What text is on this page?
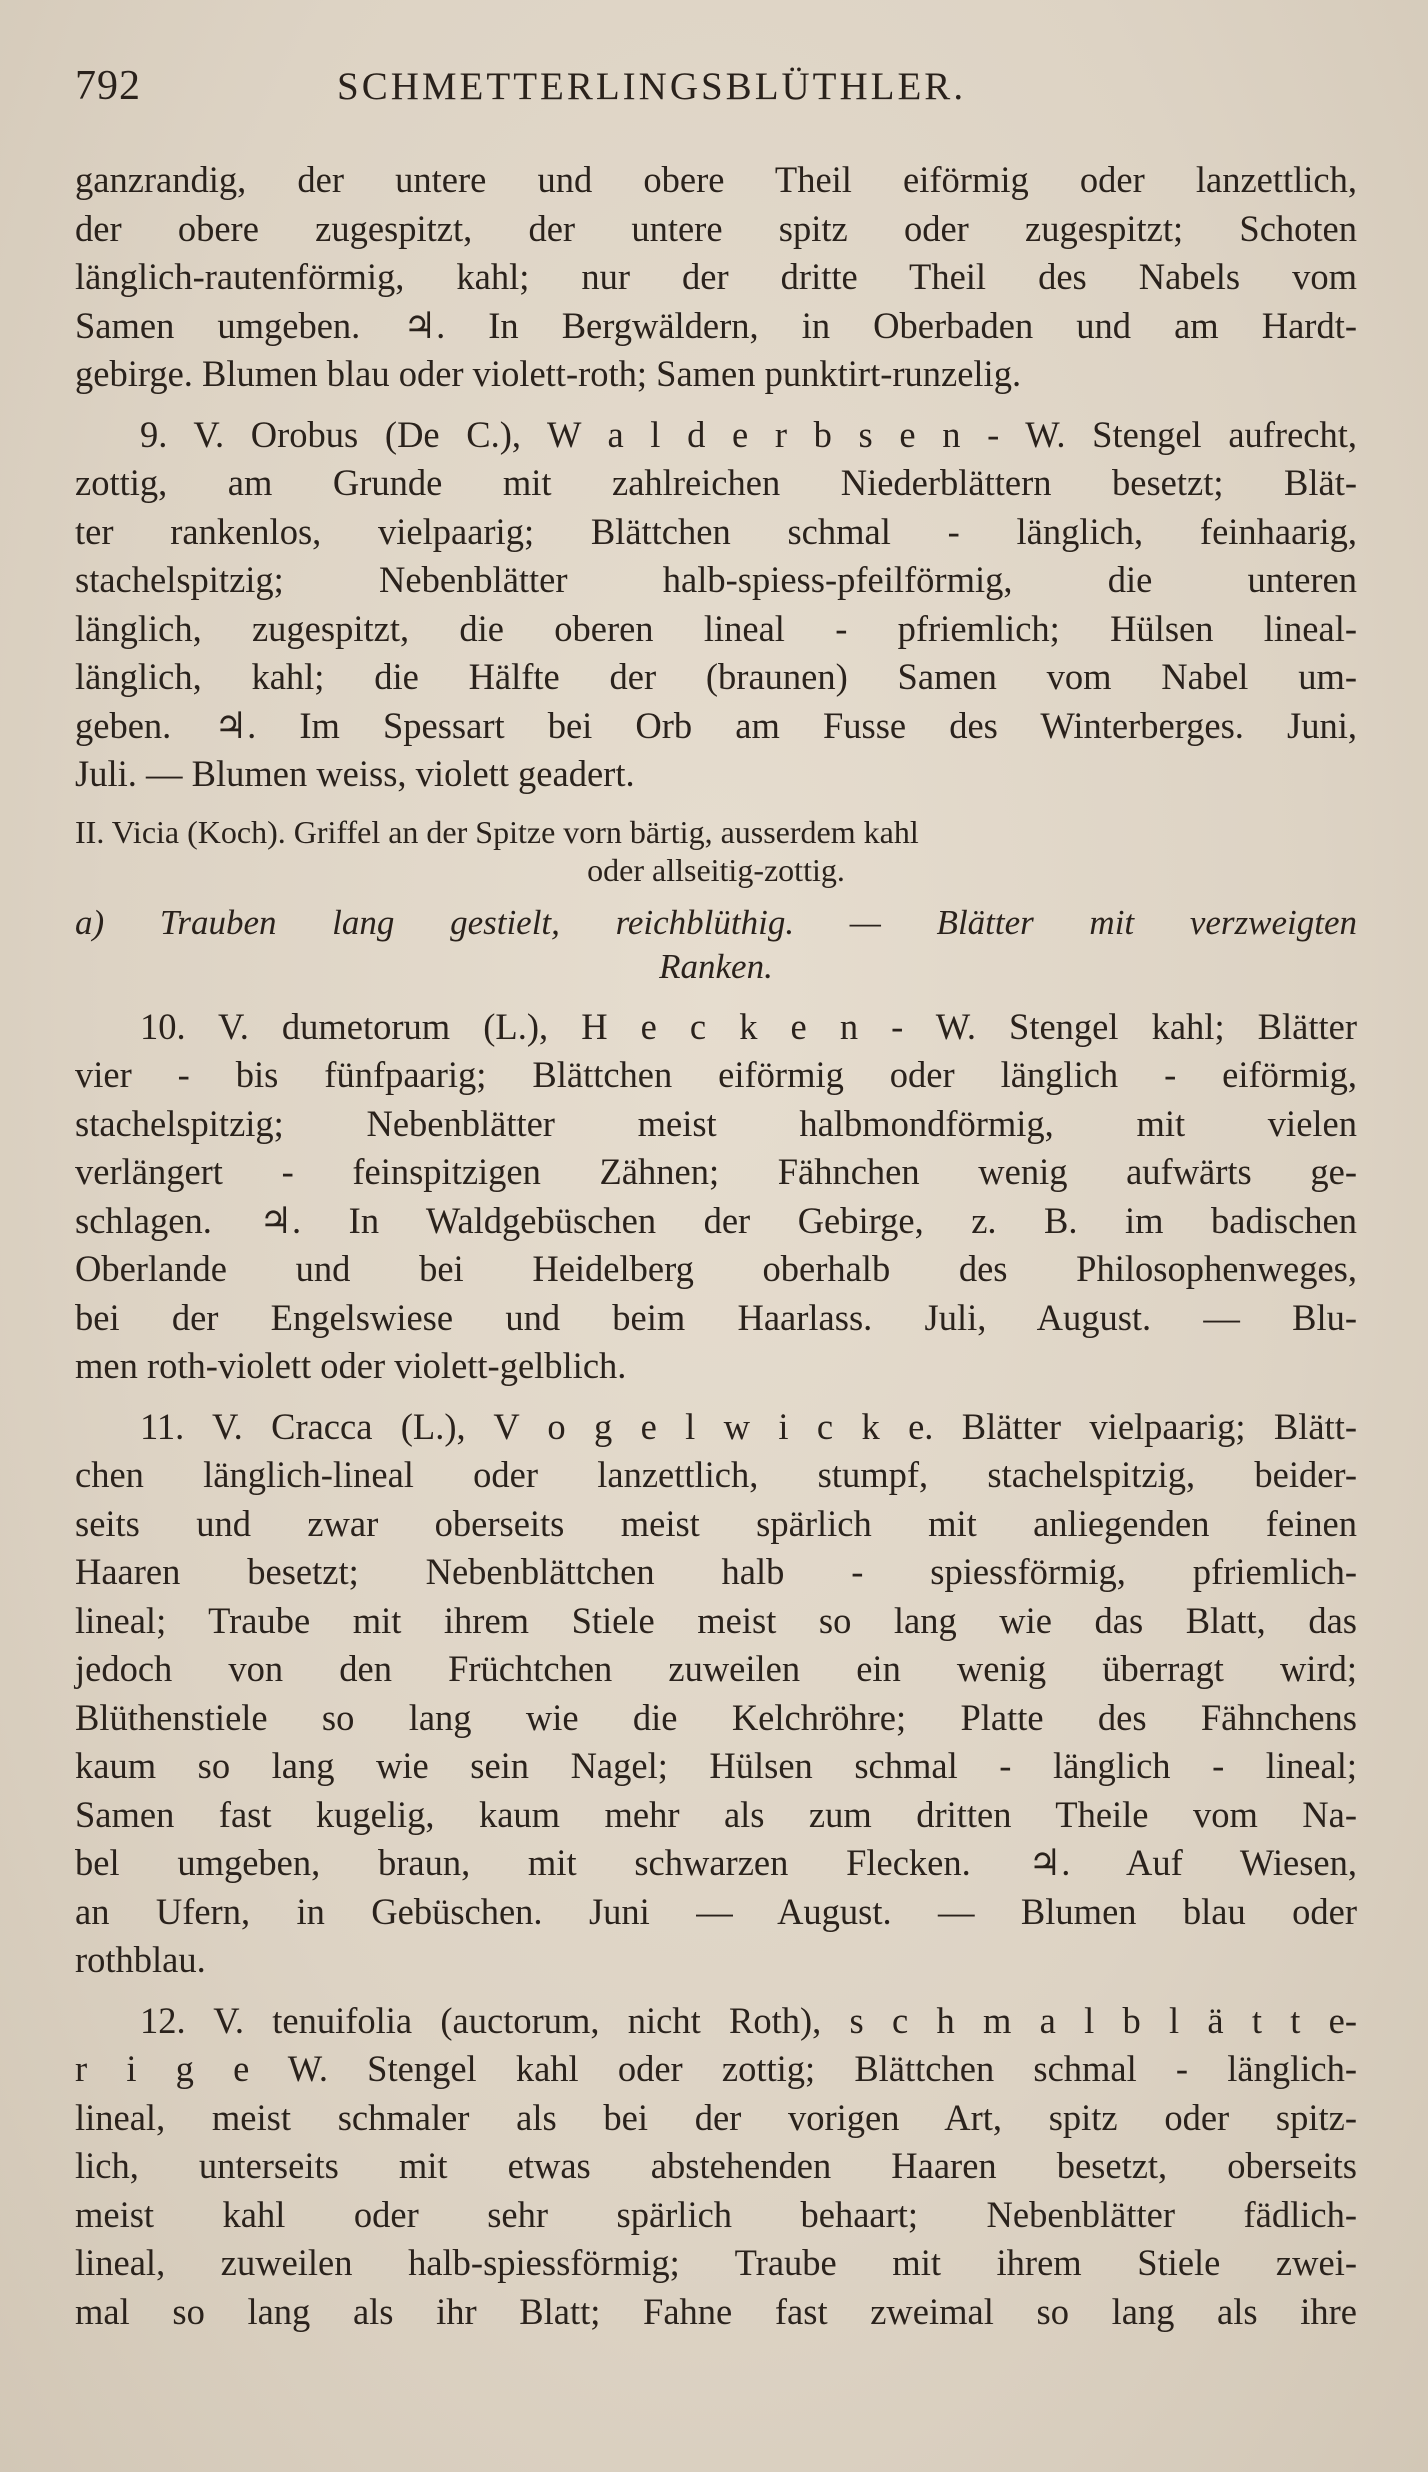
792	SCHMETTERLINGSBLÜTHLER.
ganzrandig, der untere und obere Theil eiförmig oder lanzettlich,
der obere zugespitzt, der untere spitz oder zugespitzt; Schoten
länglich-rautenförmig, kahl; nur der dritte Theil des Nabels vom
Samen umgeben. ♃. In Bergwäldern, in Oberbaden und am Hardt-
gebirge. Blumen blau oder violett-roth; Samen punktirt-runzelig.
9. V. Orobus (De C.), W a l d e r b s e n - W. Stengel aufrecht,
zottig, am Grunde mit zahlreichen Niederblättern besetzt; Blät-
ter rankenlos, vielpaarig; Blättchen schmal - länglich, feinhaarig,
stachelspitzig; Nebenblätter halb-spiess-pfeilförmig, die unteren
länglich, zugespitzt, die oberen lineal - pfriemlich; Hülsen lineal-
länglich, kahl; die Hälfte der (braunen) Samen vom Nabel um-
geben. ♃. Im Spessart bei Orb am Fusse des Winterberges. Juni,
Juli. — Blumen weiss, violett geadert.
II. Vicia (Koch). Griffel an der Spitze vorn bärtig, ausserdem kahl
oder allseitig-zottig.
a) Trauben lang gestielt, reichblüthig. — Blätter mit verzweigten
Ranken.
10. V. dumetorum (L.), H e c k e n - W. Stengel kahl; Blätter
vier - bis fünfpaarig; Blättchen eiförmig oder länglich - eiförmig,
stachelspitzig; Nebenblätter meist halbmondförmig, mit vielen
verlängert - feinspitzigen Zähnen; Fähnchen wenig aufwärts ge-
schlagen. ♃. In Waldgebüschen der Gebirge, z. B. im badischen
Oberlande und bei Heidelberg oberhalb des Philosophenweges,
bei der Engelswiese und beim Haarlass. Juli, August. — Blu-
men roth-violett oder violett-gelblich.
11. V. Cracca (L.), V o g e l w i c k e. Blätter vielpaarig; Blätt-
chen länglich-lineal oder lanzettlich, stumpf, stachelspitzig, beider-
seits und zwar oberseits meist spärlich mit anliegenden feinen
Haaren besetzt; Nebenblättchen halb - spiessförmig, pfriemlich-
lineal; Traube mit ihrem Stiele meist so lang wie das Blatt, das
jedoch von den Früchtchen zuweilen ein wenig überragt wird;
Blüthenstiele so lang wie die Kelchröhre; Platte des Fähnchens
kaum so lang wie sein Nagel; Hülsen schmal - länglich - lineal;
Samen fast kugelig, kaum mehr als zum dritten Theile vom Na-
bel umgeben, braun, mit schwarzen Flecken. ♃. Auf Wiesen,
an Ufern, in Gebüschen. Juni — August. — Blumen blau oder
rothblau.
12. V. tenuifolia (auctorum, nicht Roth), s c h m a l b l ä t t e-
r i g e W. Stengel kahl oder zottig; Blättchen schmal - länglich-
lineal, meist schmaler als bei der vorigen Art, spitz oder spitz-
lich, unterseits mit etwas abstehenden Haaren besetzt, oberseits
meist kahl oder sehr spärlich behaart; Nebenblätter fädlich-
lineal, zuweilen halb-spiessförmig; Traube mit ihrem Stiele zwei-
mal so lang als ihr Blatt; Fahne fast zweimal so lang als ihre
